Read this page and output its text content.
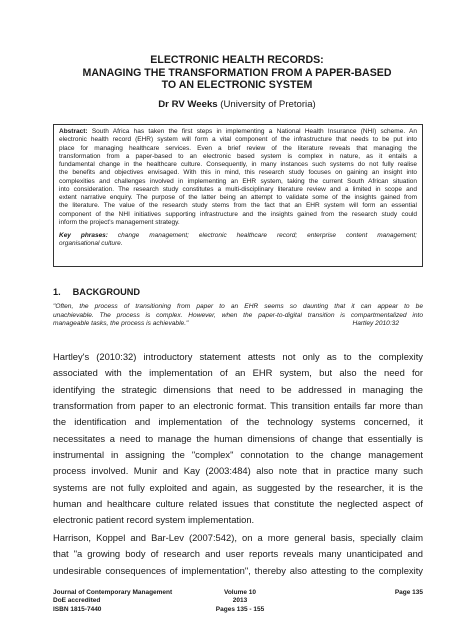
ELECTRONIC HEALTH RECORDS:
MANAGING THE TRANSFORMATION FROM A PAPER-BASED
TO AN ELECTRONIC SYSTEM
Dr RV Weeks (University of Pretoria)
Abstract: South Africa has taken the first steps in implementing a National Health Insurance (NHI) scheme. An
electronic health record (EHR) system will form a vital component of the infrastructure that needs to be put into
place for managing healthcare services. Even a brief review of the literature reveals that managing the
transformation from a paper-based to an electronic based system is complex in nature, as it entails a
fundamental change in the healthcare culture. Consequently, in many instances such systems do not fully realise
the benefits and objectives envisaged. With this in mind, this research study focuses on gaining an insight into
complexities and challenges involved in implementing an EHR system, taking the current South African situation
into consideration. The research study constitutes a multi-disciplinary literature review and a limited in scope and
extent narrative enquiry. The purpose of the latter being an attempt to validate some of the insights gained from
the literature. The value of the research study stems from the fact that an EHR system will form an essential
component of the NHI initiatives supporting infrastructure and the insights gained from the research study could
inform the project's management strategy.
Key phrases: change management; electronic healthcare record; enterprise content management;
organisational culture.
1. BACKGROUND
"Often, the process of transitioning from paper to an EHR seems so daunting that it can appear to be
unachievable. The process is complex. However, when the paper-to-digital transition is compartmentalized into
manageable tasks, the process is achievable."	Hartley 2010:32
Hartley's (2010:32) introductory statement attests not only as to the complexity
associated with the implementation of an EHR system, but also the need for
identifying the strategic dimensions that need to be addressed in managing the
transformation from paper to an electronic format. This transition entails far more than
the identification and implementation of the technology systems concerned, it
necessitates a need to manage the human dimensions of change that essentially is
instrumental in assigning the "complex" connotation to the change management
process involved. Munir and Kay (2003:484) also note that in practice many such
systems are not fully exploited and again, as suggested by the researcher, it is the
human and healthcare culture related issues that constitute the neglected aspect of
electronic patient record system implementation.
Harrison, Koppel and Bar-Lev (2007:542), on a more general basis, specially claim
that "a growing body of research and user reports reveals many unanticipated and
undesirable consequences of implementation", thereby also attesting to the complexity
Journal of Contemporary Management
DoE accredited
ISBN 1815-7440
Volume 10
2013
Pages 135 - 155
Page 135
